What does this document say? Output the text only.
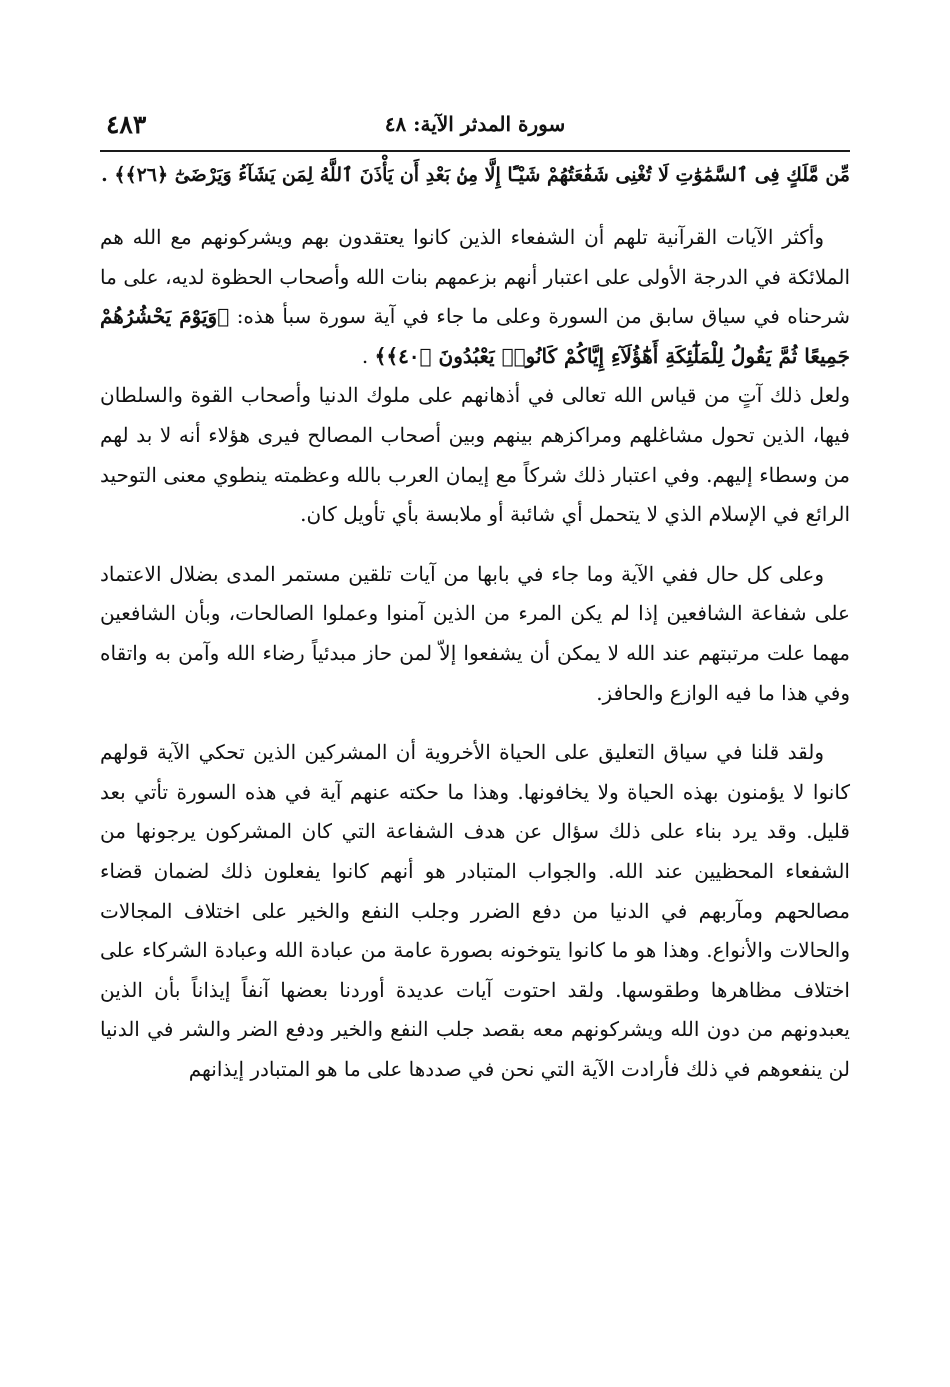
٤٨٣	سورة المدثر الآية: ٤٨
مِّن مَّلَكٍ فِى ٱلسَّمَٰوَٰتِ لَا تُغْنِى شَفَٰعَتُهُمْ شَيْـًٔا إِلَّا مِنۢ بَعْدِ أَن يَأْذَنَ ٱللَّهُ لِمَن يَشَآءُ وَيَرْضَىٰٓ ﴿٢٦﴾﴾ .

وأكثر الآيات القرآنية تلهم أن الشفعاء الذين كانوا يعتقدون بهم ويشركونهم مع الله هم الملائكة في الدرجة الأولى على اعتبار أنهم بزعمهم بنات الله وأصحاب الحظوة لديه، على ما شرحناه في سياق سابق من السورة وعلى ما جاء في آية سورة سبأ هذه: ﴿وَيَوْمَ يَحْشُرُهُمْ جَمِيعًا ثُمَّ يَقُولُ لِلْمَلَٰٓئِكَةِ أَهَٰٓؤُلَآءِ إِيَّاكُمْ كَانُوا۟ يَعْبُدُونَ ﴿٤٠﴾﴾ .

ولعل ذلك آتٍ من قياس الله تعالى في أذهانهم على ملوك الدنيا وأصحاب القوة والسلطان فيها، الذين تحول مشاغلهم ومراكزهم بينهم وبين أصحاب المصالح فيرى هؤلاء أنه لا بد لهم من وسطاء إليهم. وفي اعتبار ذلك شركاً مع إيمان العرب بالله وعظمته ينطوي معنى التوحيد الرائع في الإسلام الذي لا يتحمل أي شائبة أو ملابسة بأي تأويل كان.

وعلى كل حال ففي الآية وما جاء في بابها من آيات تلقين مستمر المدى بضلال الاعتماد على شفاعة الشافعين إذا لم يكن المرء من الذين آمنوا وعملوا الصالحات، وبأن الشافعين مهما علت مرتبتهم عند الله لا يمكن أن يشفعوا إلاّ لمن حاز مبدئياً رضاء الله وآمن به واتقاه وفي هذا ما فيه الوازع والحافز.

ولقد قلنا في سياق التعليق على الحياة الأخروية أن المشركين الذين تحكي الآية قولهم كانوا لا يؤمنون بهذه الحياة ولا يخافونها. وهذا ما حكته عنهم آية في هذه السورة تأتي بعد قليل. وقد يرد بناء على ذلك سؤال عن هدف الشفاعة التي كان المشركون يرجونها من الشفعاء المحظيين عند الله. والجواب المتبادر هو أنهم كانوا يفعلون ذلك لضمان قضاء مصالحهم ومآربهم في الدنيا من دفع الضرر وجلب النفع والخير على اختلاف المجالات والحالات والأنواع. وهذا هو ما كانوا يتوخونه بصورة عامة من عبادة الله وعبادة الشركاء على اختلاف مظاهرها وطقوسها. ولقد احتوت آيات عديدة أوردنا بعضها آنفاً إيذاناً بأن الذين يعبدونهم من دون الله ويشركونهم معه بقصد جلب النفع والخير ودفع الضر والشر في الدنيا لن ينفعوهم في ذلك فأرادت الآية التي نحن في صددها على ما هو المتبادر إيذانهم
